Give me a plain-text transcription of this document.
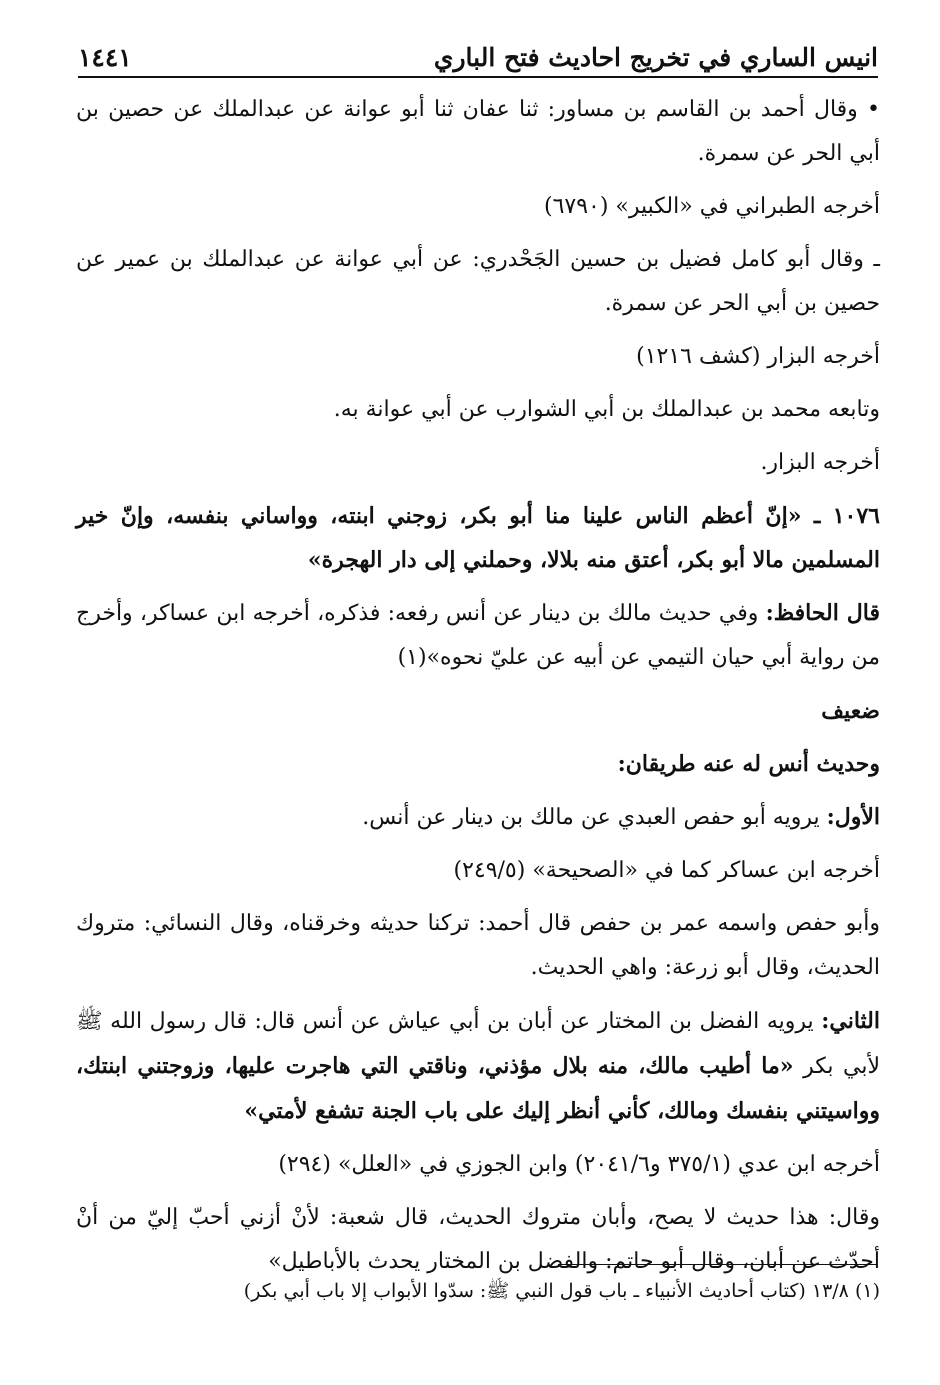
انيس الساري في تخريج احاديث فتح الباري
١٤٤١

• وقال أحمد بن القاسم بن مساور: ثنا عفان ثنا أبو عوانة عن عبدالملك عن حصين بن أبي الحر عن سمرة.

أخرجه الطبراني في «الكبير» (٦٧٩٠)

ـ وقال أبو كامل فضيل بن حسين الجَحْدري: عن أبي عوانة عن عبدالملك بن عمير عن حصين بن أبي الحر عن سمرة.

أخرجه البزار (كشف ١٢١٦)

وتابعه محمد بن عبدالملك بن أبي الشوارب عن أبي عوانة به.

أخرجه البزار.

١٠٧٦ ـ «إنّ أعظم الناس علينا منا أبو بكر، زوجني ابنته، وواساني بنفسه، وإنّ خير المسلمين مالا أبو بكر، أعتق منه بلالا، وحملني إلى دار الهجرة»

قال الحافظ: وفي حديث مالك بن دينار عن أنس رفعه: فذكره، أخرجه ابن عساكر، وأخرج من رواية أبي حيان التيمي عن أبيه عن عليّ نحوه»(١)

ضعيف

وحديث أنس له عنه طريقان:

الأول: يرويه أبو حفص العبدي عن مالك بن دينار عن أنس.

أخرجه ابن عساكر كما في «الصحيحة» (٢٤٩/٥)

وأبو حفص واسمه عمر بن حفص قال أحمد: تركنا حديثه وخرقناه، وقال النسائي: متروك الحديث، وقال أبو زرعة: واهي الحديث.

الثاني: يرويه الفضل بن المختار عن أبان بن أبي عياش عن أنس قال: قال رسول الله ﷺ لأبي بكر «ما أطيب مالك، منه بلال مؤذني، وناقتي التي هاجرت عليها، وزوجتني ابنتك، وواسيتني بنفسك ومالك، كأني أنظر إليك على باب الجنة تشفع لأمتي»

أخرجه ابن عدي (٣٧٥/١ و٢٠٤١/٦) وابن الجوزي في «العلل» (٢٩٤)

وقال: هذا حديث لا يصح، وأبان متروك الحديث، قال شعبة: لأنْ أزني أحبّ إليّ من أنْ أحدّث عن أبان، وقال أبو حاتم: والفضل بن المختار يحدث بالأباطيل»

(١) ١٣/٨ (كتاب أحاديث الأنبياء ـ باب قول النبي ﷺ: سدّوا الأبواب إلا باب أبي بكر)
